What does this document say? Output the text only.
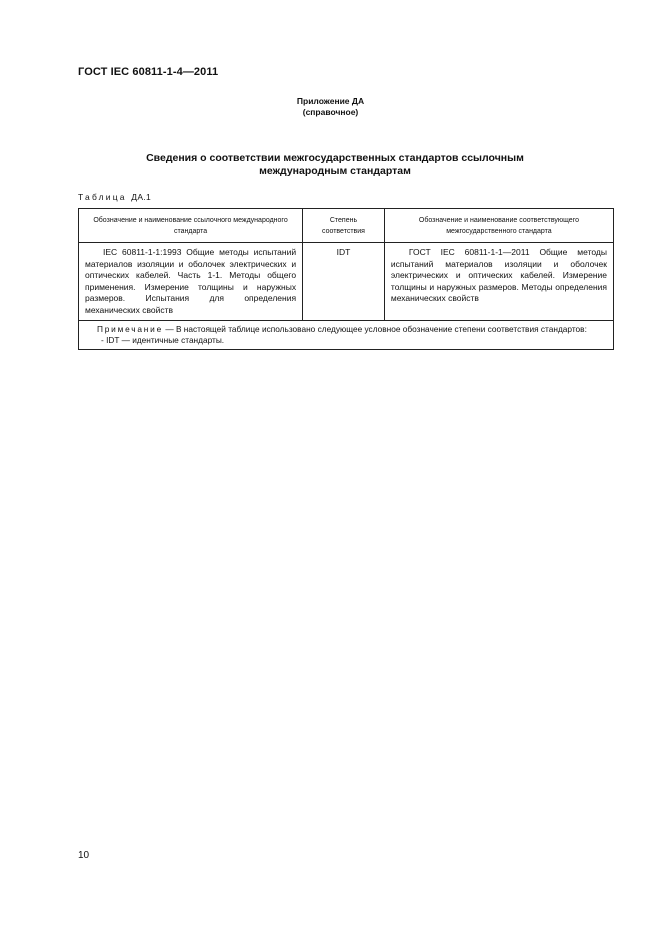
ГОСТ IEC 60811-1-4—2011
Приложение ДА
(справочное)
Сведения о соответствии межгосударственных стандартов ссылочным
международным стандартам
Таблица ДА.1
Обозначение и наименование ссылочного международного стандарта	Степень соответствия	Обозначение и наименование соответствующего межгосударственного стандарта
IEC 60811-1-1:1993 Общие методы испытаний материалов изоляции и оболочек электрических и оптических кабелей. Часть 1-1. Методы общего применения. Измерение толщины и наружных размеров. Испытания для определения механических свойств	IDT	ГОСТ IEC 60811-1-1—2011 Общие методы испытаний материалов изоляции и оболочек электрических и оптических кабелей. Измерение толщины и наружных размеров. Методы определения механических свойств

Примечание — В настоящей таблице использовано следующее условное обозначение степени соответствия стандартов:
- IDT — идентичные стандарты.		
10
